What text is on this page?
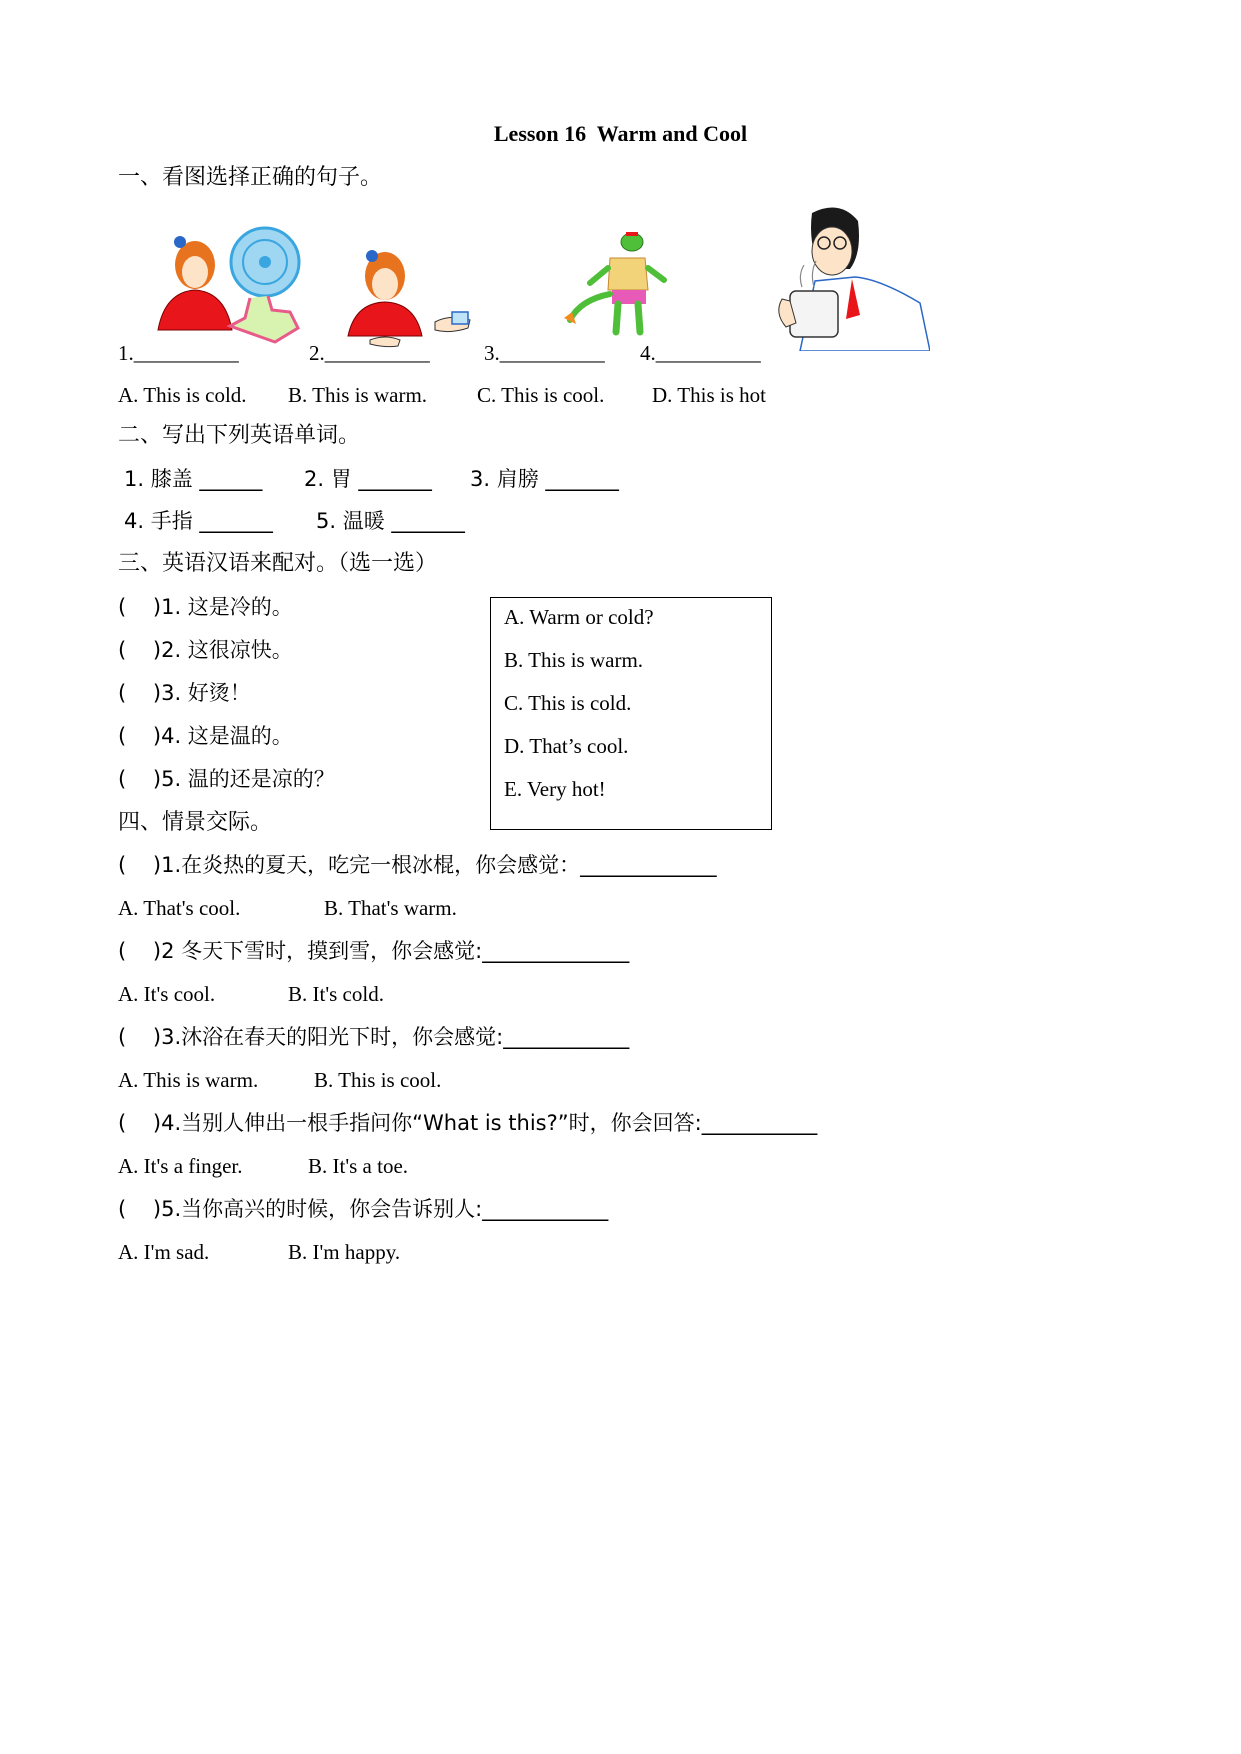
Lesson 16  Warm and Cool
一、看图选择正确的句子。
1.__________	2.__________	3.__________ 4.__________
A. This is cold. B. This is warm. C. This is cool. D. This is hot
二、写出下列英语单词。
1. 膝盖 ______ 2. 胃 _______ 3. 肩膀 _______
4. 手指 _______ 5. 温暖 _______
三、英语汉语来配对。（选一选）
(    )1. 这是冷的。
(    )2. 这很凉快。
(    )3. 好烫！
(    )4. 这是温的。
(    )5. 温的还是凉的？
A. Warm or cold?
B. This is warm.
C. This is cold.
D. That’s cool.
E. Very hot!
四、情景交际。
(    )1.在炎热的夏天，吃完一根冰棍，你会感觉：_____________
A. That's cool.	B. That's warm.
(    )2 冬天下雪时，摸到雪，你会感觉:______________
A. It's cool.	B. It's cold.
(    )3.沐浴在春天的阳光下时，你会感觉:____________
A. This is warm.	B. This is cool.
(    )4.当别人伸出一根手指问你“What is this?”时，你会回答:___________
A. It's a finger.	B. It's a toe.
(    )5.当你高兴的时候，你会告诉别人:____________
A. I'm sad.	B. I'm happy.
